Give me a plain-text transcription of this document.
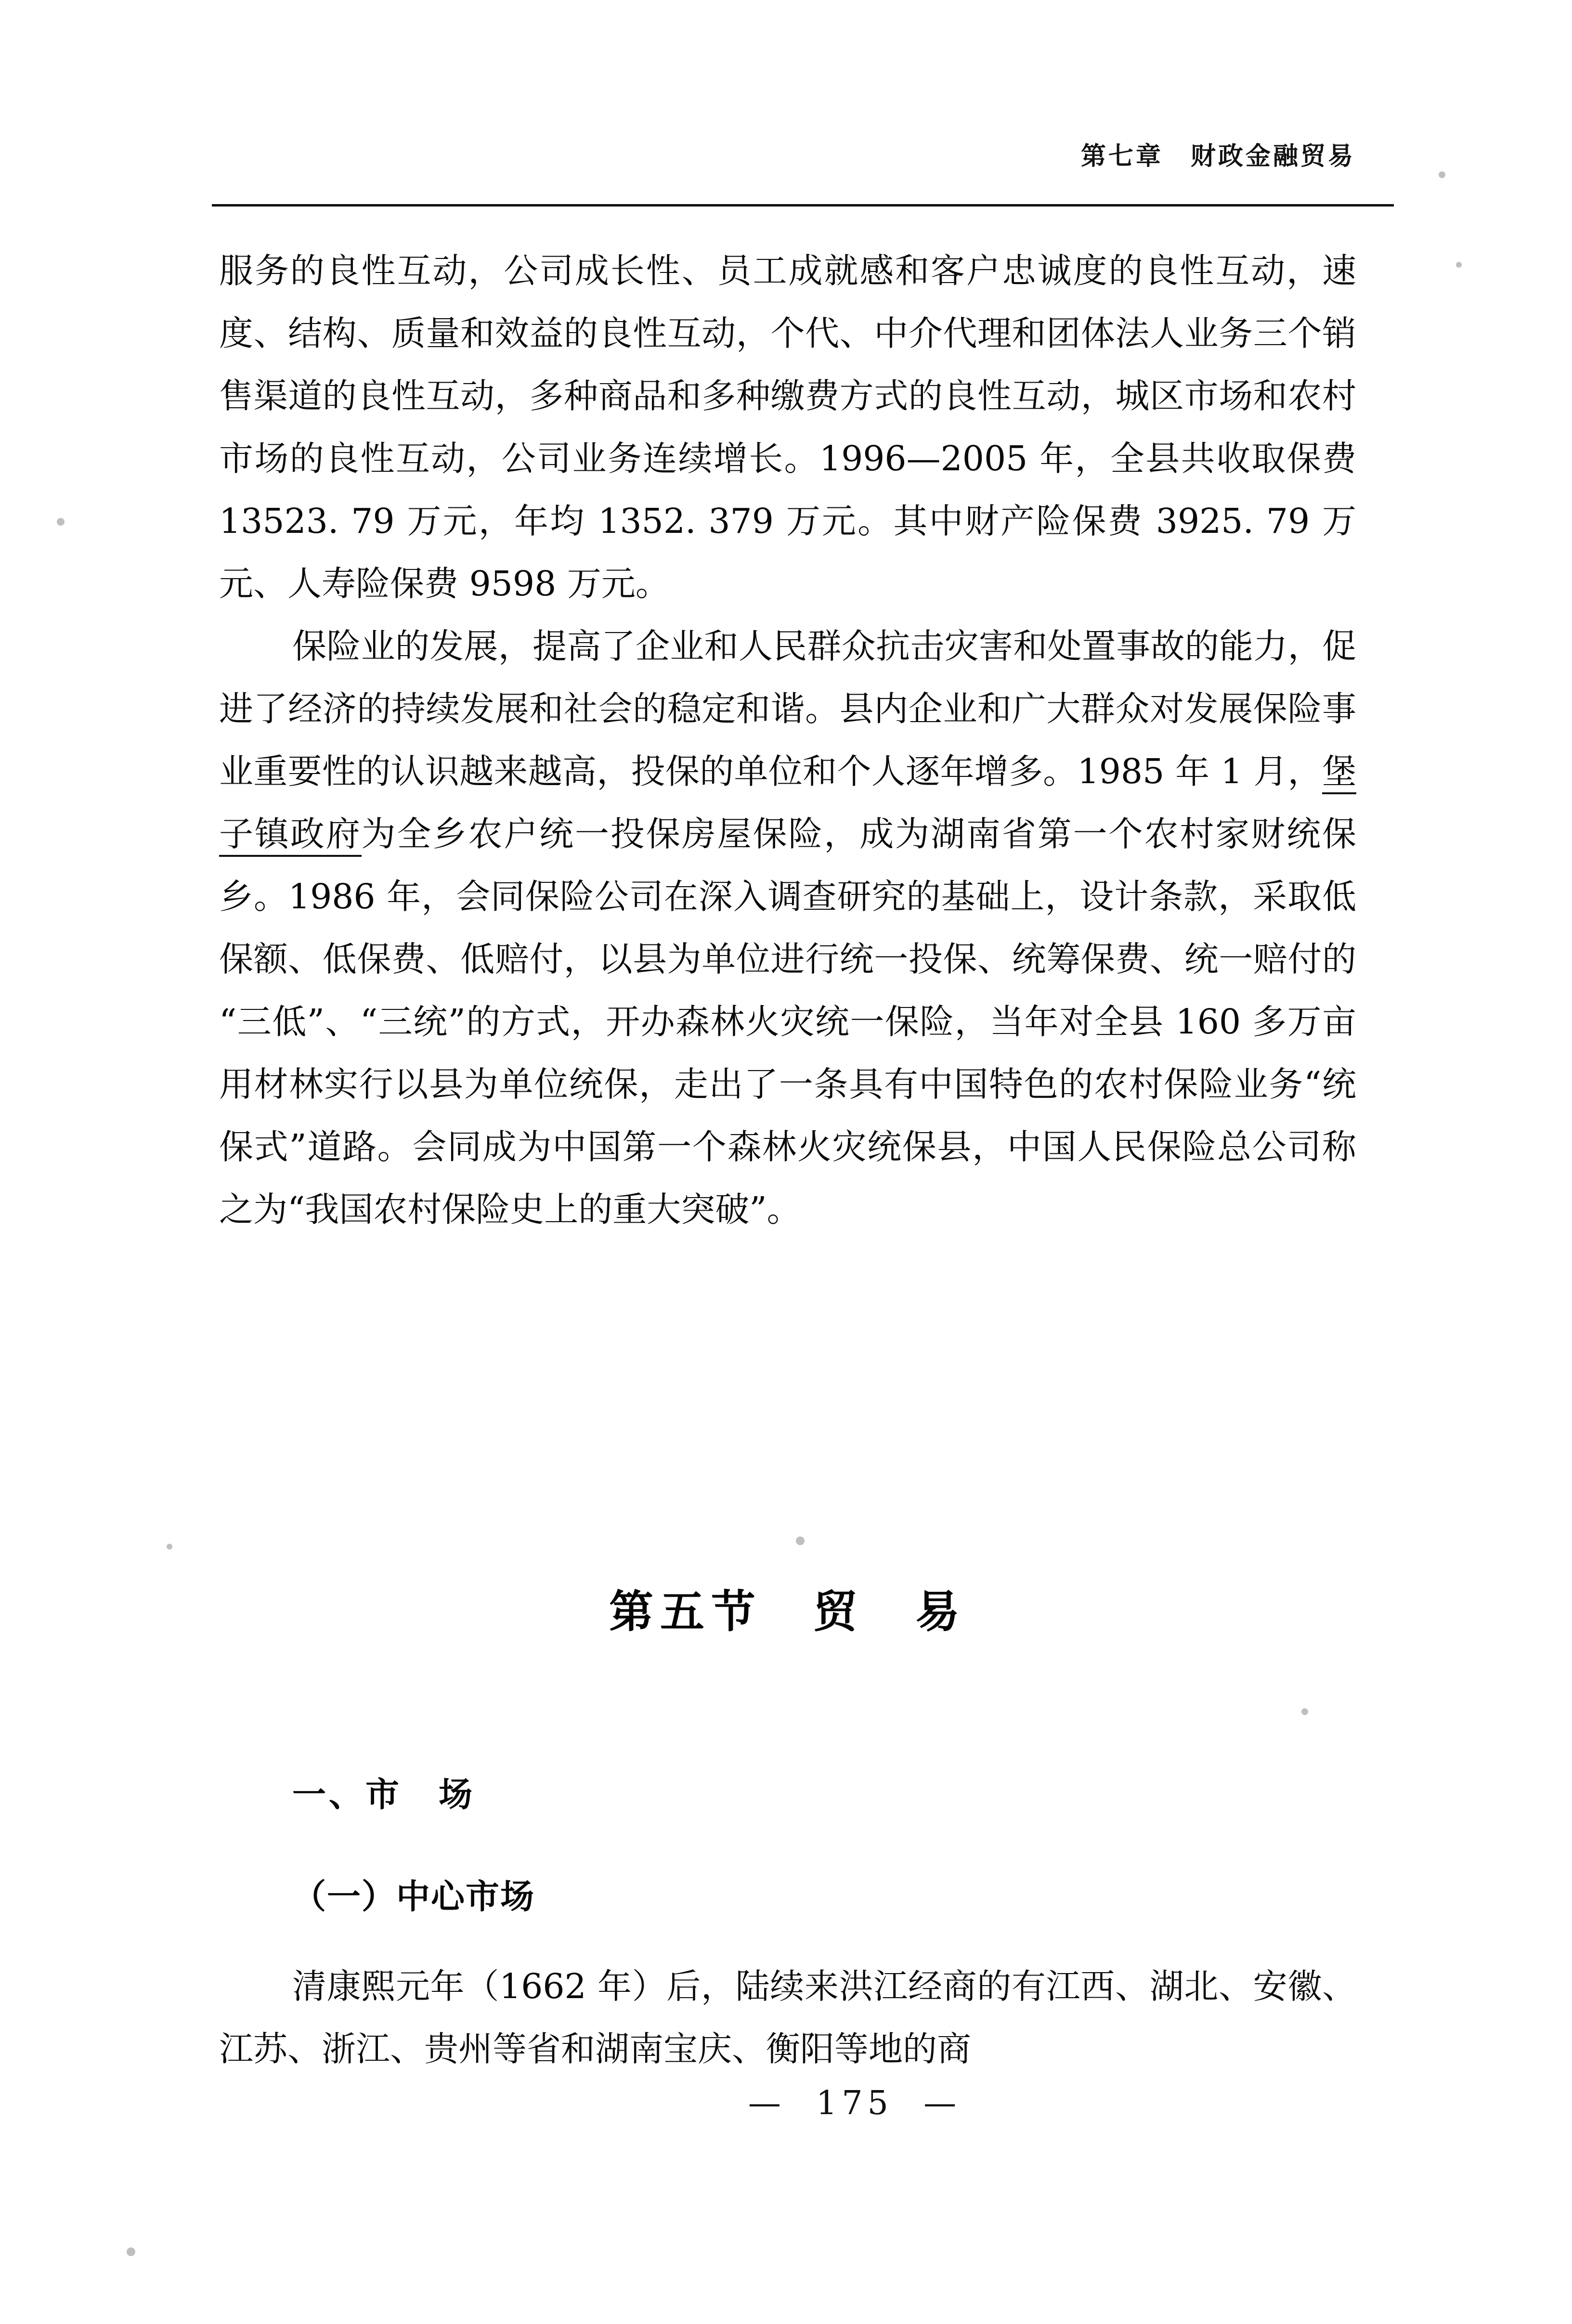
第七章　财政金融贸易

服务的良性互动，公司成长性、员工成就感和客户忠诚度的良性互动，速度、结构、质量和效益的良性互动，个代、中介代理和团体法人业务三个销售渠道的良性互动，多种商品和多种缴费方式的良性互动，城区市场和农村市场的良性互动，公司业务连续增长。1996—2005 年，全县共收取保费 13523. 79 万元，年均 1352. 379 万元。其中财产险保费 3925. 79 万元、人寿险保费 9598 万元。

保险业的发展，提高了企业和人民群众抗击灾害和处置事故的能力，促进了经济的持续发展和社会的稳定和谐。县内企业和广大群众对发展保险事业重要性的认识越来越高，投保的单位和个人逐年增多。1985 年 1 月，堡子镇政府为全乡农户统一投保房屋保险，成为湖南省第一个农村家财统保乡。1986 年，会同保险公司在深入调查研究的基础上，设计条款，采取低保额、低保费、低赔付，以县为单位进行统一投保、统筹保费、统一赔付的“三低”、“三统”的方式，开办森林火灾统一保险，当年对全县 160 多万亩用材林实行以县为单位统保，走出了一条具有中国特色的农村保险业务“统保式”道路。会同成为中国第一个森林火灾统保县，中国人民保险总公司称之为“我国农村保险史上的重大突破”。

第五节　贸　易
一、市　场
（一）中心市场

清康熙元年（1662 年）后，陆续来洪江经商的有江西、湖北、安徽、江苏、浙江、贵州等省和湖南宝庆、衡阳等地的商

—  175  —
